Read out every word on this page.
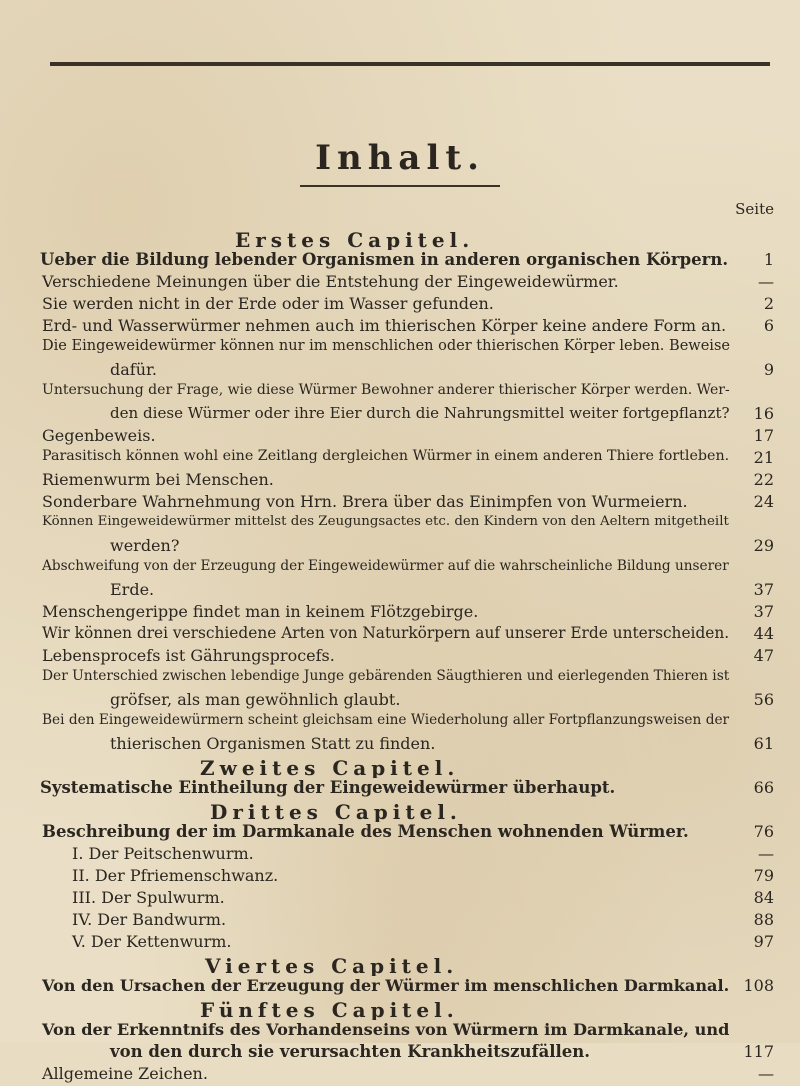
Inhalt.
Seite
Erstes Capitel.
Ueber die Bildung lebender Organismen in anderen organischen Körpern.	1
Verschiedene Meinungen über die Entstehung der Eingeweidewürmer.	—
Sie werden nicht in der Erde oder im Wasser gefunden.	2
Erd- und Wasserwürmer nehmen auch im thierischen Körper keine andere Form an.	6
Die Eingeweidewürmer können nur im menschlichen oder thierischen Körper leben. Beweise
dafür.	9
Untersuchung der Frage, wie diese Würmer Bewohner anderer thierischer Körper werden. Wer-
den diese Würmer oder ihre Eier durch die Nahrungsmittel weiter fortgepflanzt?	16
Gegenbeweis.	17
Parasitisch können wohl eine Zeitlang dergleichen Würmer in einem anderen Thiere fortleben.	21
Riemenwurm bei Menschen.	22
Sonderbare Wahrnehmung von Hrn. Brera über das Einimpfen von Wurmeiern.	24
Können Eingeweidewürmer mittelst des Zeugungsactes etc. den Kindern von den Aeltern mitgetheilt
werden?	29
Abschweifung von der Erzeugung der Eingeweidewürmer auf die wahrscheinliche Bildung unserer
Erde.	37
Menschengerippe findet man in keinem Flötzgebirge.	37
Wir können drei verschiedene Arten von Naturkörpern auf unserer Erde unterscheiden.	44
Lebensprocefs ist Gährungsprocefs.	47
Der Unterschied zwischen lebendige Junge gebärenden Säugthieren und eierlegenden Thieren ist
gröfser, als man gewöhnlich glaubt.	56
Bei den Eingeweidewürmern scheint gleichsam eine Wiederholung aller Fortpflanzungsweisen der
thierischen Organismen Statt zu finden.	61
Zweites Capitel.
Systematische Eintheilung der Eingeweidewürmer überhaupt.	66
Drittes Capitel.
Beschreibung der im Darmkanale des Menschen wohnenden Würmer.	76
I. Der Peitschenwurm.	—
II. Der Pfriemenschwanz.	79
III. Der Spulwurm.	84
IV. Der Bandwurm.	88
V. Der Kettenwurm.	97
Viertes Capitel.
Von den Ursachen der Erzeugung der Würmer im menschlichen Darmkanal. 108
Fünftes Capitel.
Von der Erkenntnifs des Vorhandenseins von Würmern im Darmkanale, und
von den durch sie verursachten Krankheitszufällen.	117
Allgemeine Zeichen.	—
